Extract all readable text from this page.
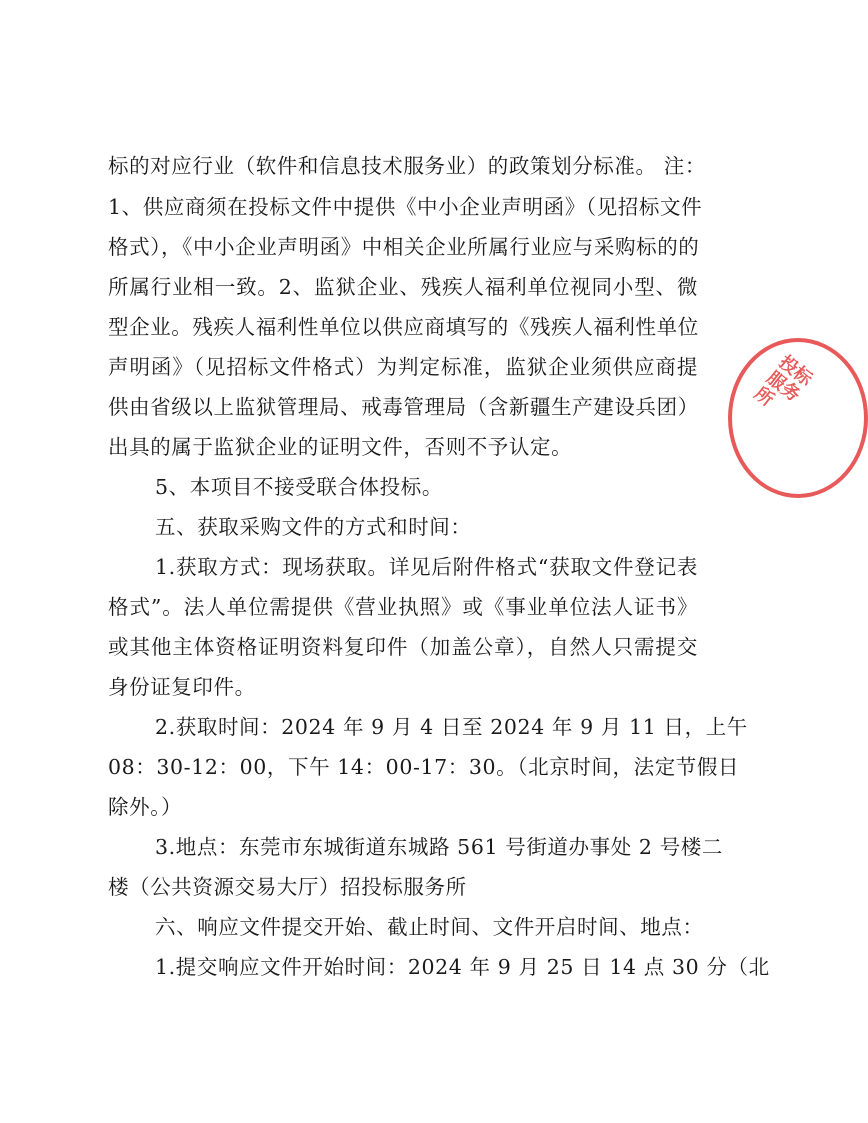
标的对应行业（软件和信息技术服务业）的政策划分标准。 注：
1、供应商须在投标文件中提供《中小企业声明函》（见招标文件
格式），《中小企业声明函》中相关企业所属行业应与采购标的的
所属行业相一致。2、监狱企业、残疾人福利单位视同小型、微
型企业。残疾人福利性单位以供应商填写的《残疾人福利性单位
声明函》（见招标文件格式）为判定标准，监狱企业须供应商提
供由省级以上监狱管理局、戒毒管理局（含新疆生产建设兵团）
出具的属于监狱企业的证明文件，否则不予认定。
5、本项目不接受联合体投标。
五、获取采购文件的方式和时间：
1.获取方式：现场获取。详见后附件格式“获取文件登记表
格式”。法人单位需提供《营业执照》或《事业单位法人证书》
或其他主体资格证明资料复印件（加盖公章），自然人只需提交
身份证复印件。
2.获取时间：2024 年 9 月 4 日至 2024 年 9 月 11 日，上午
08：30-12：00，下午 14：00-17：30。（北京时间，法定节假日
除外。）
3.地点：东莞市东城街道东城路 561 号街道办事处 2 号楼二
楼（公共资源交易大厅）招投标服务所
六、响应文件提交开始、截止时间、文件开启时间、地点：
1.提交响应文件开始时间：2024 年 9 月 25 日 14 点 30 分（北
投标服务所
